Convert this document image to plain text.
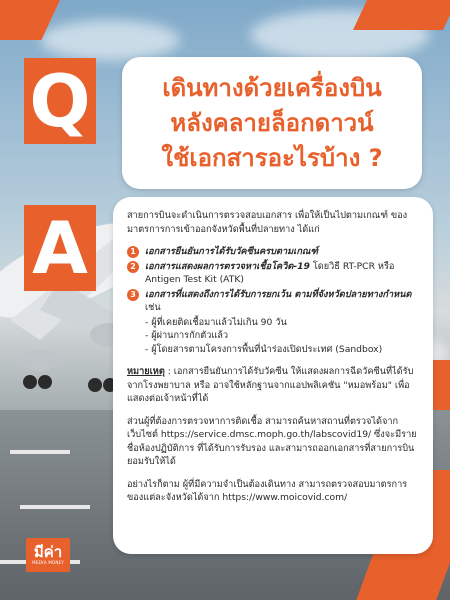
Q
A
เดินทางด้วยเครื่องบิน
หลังคลายล็อกดาวน์
ใช้เอกสารอะไรบ้าง ?

สายการบินจะดำเนินการตรวจสอบเอกสาร เพื่อให้เป็นไปตามเกณฑ์ ของมาตรการการเข้าออกจังหวัดพื้นที่ปลายทาง ได้แก่

1	เอกสารยืนยันการได้รับวัคซีนครบตามเกณฑ์
2	เอกสารแสดงผลการตรวจหาเชื้อโควิด-19 โดยวิธี RT-PCR หรือ Antigen Test Kit (ATK)
3	เอกสารที่แสดงถึงการได้รับการยกเว้น ตามที่จังหวัดปลายทางกำหนด เช่น
- ผู้ที่เคยติดเชื้อมาแล้วไม่เกิน 90 วัน
- ผู้ผ่านการกักตัวแล้ว
- ผู้โดยสารตามโครงการพื้นที่นำร่องเปิดประเทศ (Sandbox)

หมายเหตุ : เอกสารยืนยันการได้รับวัคซีน ให้แสดงผลการฉีดวัคซีนที่ได้รับจากโรงพยาบาล หรือ อาจใช้หลักฐานจากแอปพลิเคชัน "หมอพร้อม" เพื่อแสดงต่อเจ้าหน้าที่ได้

ส่วนผู้ที่ต้องการตรวจหาการติดเชื้อ สามารถค้นหาสถานที่ตรวจได้จากเว็บไซต์ https://service.dmsc.moph.go.th/labscovid19/ ซึ่งจะมีรายชื่อห้องปฏิบัติการ ที่ได้รับการรับรอง และสามารถออกเอกสารที่สายการบินยอมรับให้ได้

อย่างไรก็ตาม ผู้ที่มีความจำเป็นต้องเดินทาง สามารถตรวจสอบมาตรการของแต่ละจังหวัดได้จาก https://www.moicovid.com/

มีค่า
MEEKA MONEY
